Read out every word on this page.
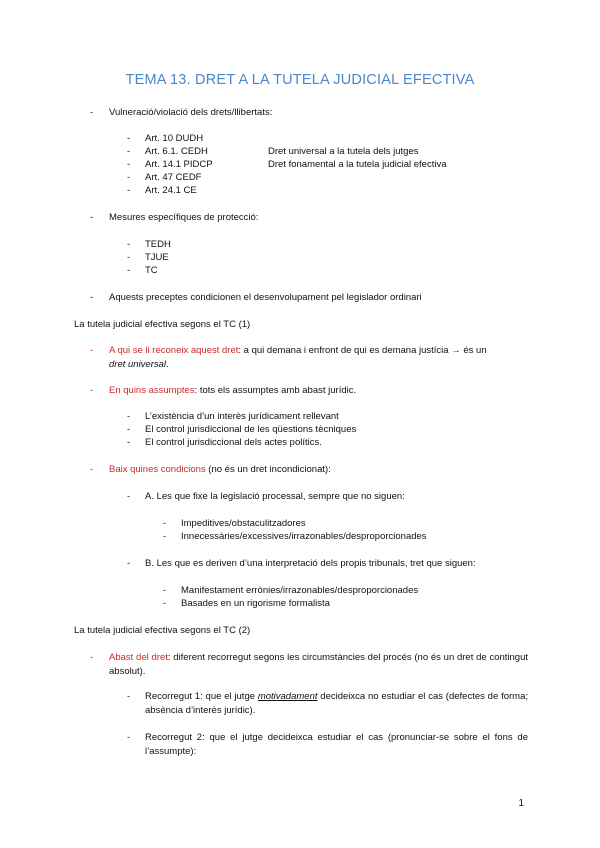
TEMA 13. DRET A LA TUTELA JUDICIAL EFECTIVA
- Vulneració/violació dels drets/llibertats:
- Art. 10 DUDH
- Art. 6.1. CEDH	Dret universal a la tutela dels jutges
- Art. 14.1 PIDCP	Dret fonamental a la tutela judicial efectiva
- Art. 47 CEDF
- Art. 24.1 CE
- Mesures específiques de protecció:
- TEDH
- TJUE
- TC
- Aquests preceptes condicionen el desenvolupament pel legislador ordinari
La tutela judicial efectiva segons el TC (1)
- A qui se li reconeix aquest dret: a qui demana i enfront de qui es demana justícia → és un
dret universal.
- En quins assumptes: tots els assumptes amb abast jurídic.
- L’existència d’un interès jurídicament rellevant
- El control jurisdiccional de les qüestions tècniques
- El control jurisdiccional dels actes polítics.
- Baix quines condicions (no és un dret incondicionat):
- A. Les que fixe la legislació processal, sempre que no siguen:
- Impeditives/obstaculitzadores
- Innecessàries/excessives/irrazonables/desproporcionades
- B. Les que es deriven d’una interpretació dels propis tribunals, tret que siguen:
- Manifestament errònies/irrazonables/desproporcionades
- Basades en un rigorisme formalista
La tutela judicial efectiva segons el TC (2)
- Abast del dret: diferent recorregut segons les circumstàncies del procés (no és un dret de contingut absolut).
- Recorregut 1: que el jutge motivadament decideixca no estudiar el cas (defectes de forma; absència d’interès jurídic).
- Recorregut 2: que el jutge decideixca estudiar el cas (pronunciar-se sobre el fons de l’assumpte):
1
